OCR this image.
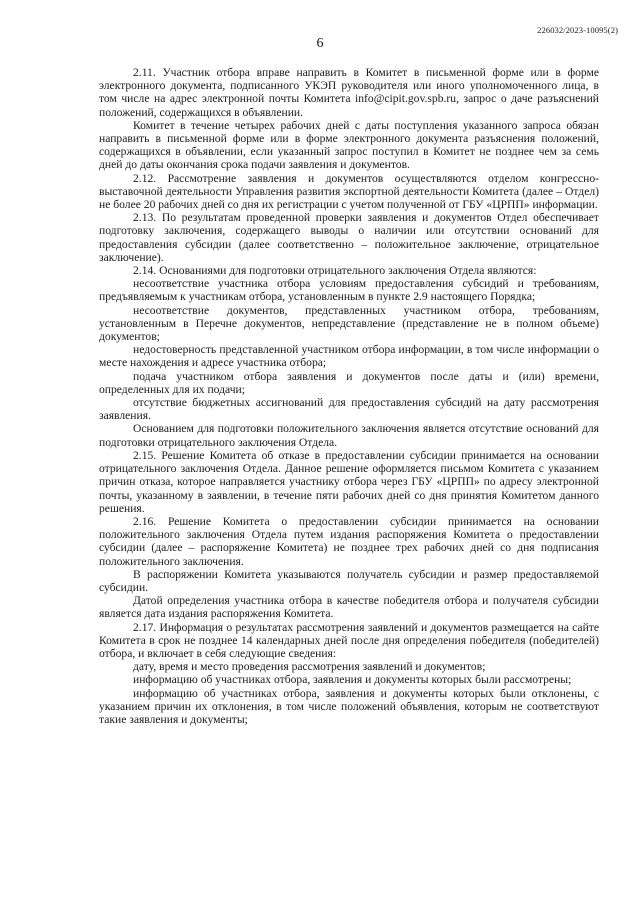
226032/2023-10095(2)
6

2.11. Участник отбора вправе направить в Комитет в письменной форме или в форме электронного документа, подписанного УКЭП руководителя или иного уполномоченного лица, в том числе на адрес электронной почты Комитета info@cipit.gov.spb.ru, запрос о даче разъяснений положений, содержащихся в объявлении.

Комитет в течение четырех рабочих дней с даты поступления указанного запроса обязан направить в письменной форме или в форме электронного документа разъяснения положений, содержащихся в объявлении, если указанный запрос поступил в Комитет не позднее чем за семь дней до даты окончания срока подачи заявления и документов.

2.12. Рассмотрение заявления и документов осуществляются отделом конгрессно-выставочной деятельности Управления развития экспортной деятельности Комитета (далее – Отдел) не более 20 рабочих дней со дня их регистрации с учетом полученной от ГБУ «ЦРПП» информации.

2.13. По результатам проведенной проверки заявления и документов Отдел обеспечивает подготовку заключения, содержащего выводы о наличии или отсутствии оснований для предоставления субсидии (далее соответственно – положительное заключение, отрицательное заключение).

2.14. Основаниями для подготовки отрицательного заключения Отдела являются:

несоответствие участника отбора условиям предоставления субсидий и требованиям, предъявляемым к участникам отбора, установленным в пункте 2.9 настоящего Порядка;

несоответствие документов, представленных участником отбора, требованиям, установленным в Перечне документов, непредставление (представление не в полном объеме) документов;

недостоверность представленной участником отбора информации, в том числе информации о месте нахождения и адресе участника отбора;

подача участником отбора заявления и документов после даты и (или) времени, определенных для их подачи;

отсутствие бюджетных ассигнований для предоставления субсидий на дату рассмотрения заявления.

Основанием для подготовки положительного заключения является отсутствие оснований для подготовки отрицательного заключения Отдела.

2.15. Решение Комитета об отказе в предоставлении субсидии принимается на основании отрицательного заключения Отдела. Данное решение оформляется письмом Комитета с указанием причин отказа, которое направляется участнику отбора через ГБУ «ЦРПП» по адресу электронной почты, указанному в заявлении, в течение пяти рабочих дней со дня принятия Комитетом данного решения.

2.16. Решение Комитета о предоставлении субсидии принимается на основании положительного заключения Отдела путем издания распоряжения Комитета о предоставлении субсидии (далее – распоряжение Комитета) не позднее трех рабочих дней со дня подписания положительного заключения.

В распоряжении Комитета указываются получатель субсидии и размер предоставляемой субсидии.

Датой определения участника отбора в качестве победителя отбора и получателя субсидии является дата издания распоряжения Комитета.

2.17. Информация о результатах рассмотрения заявлений и документов размещается на сайте Комитета в срок не позднее 14 календарных дней после дня определения победителя (победителей) отбора, и включает в себя следующие сведения:

дату, время и место проведения рассмотрения заявлений и документов;

информацию об участниках отбора, заявления и документы которых были рассмотрены;

информацию об участниках отбора, заявления и документы которых были отклонены, с указанием причин их отклонения, в том числе положений объявления, которым не соответствуют такие заявления и документы;
